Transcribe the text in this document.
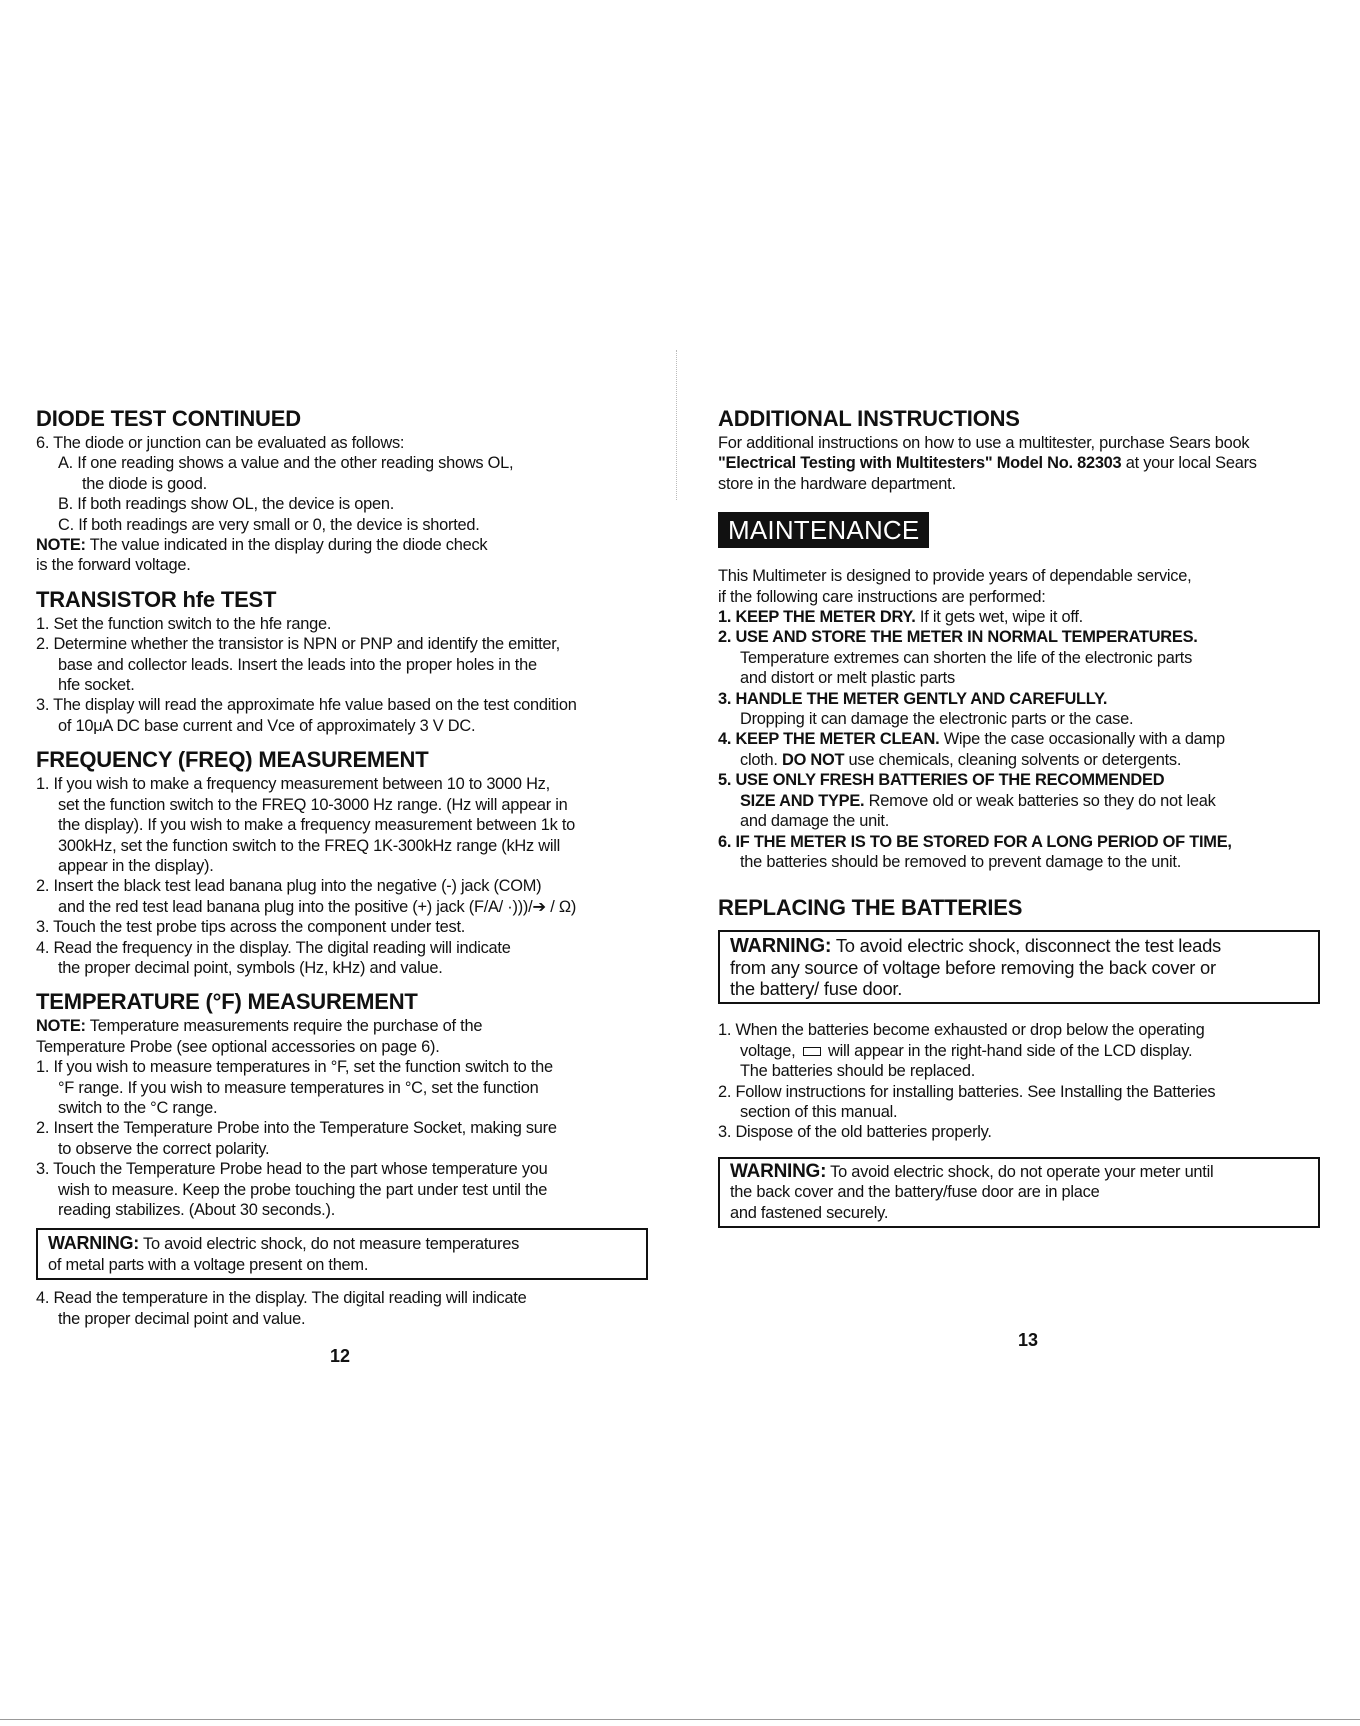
DIODE TEST CONTINUED
6. The diode or junction can be evaluated as follows:
A. If one reading shows a value and the other reading shows OL,
the diode is good.
B. If both readings show OL, the device is open.
C. If both readings are very small or 0, the device is shorted.
NOTE: The value indicated in the display during the diode check
is the forward voltage.
TRANSISTOR hfe TEST
1. Set the function switch to the hfe range.
2. Determine whether the transistor is NPN or PNP and identify the emitter,
base and collector leads. Insert the leads into the proper holes in the
hfe socket.
3. The display will read the approximate hfe value based on the test condition
of 10μA DC base current and Vce of approximately 3 V DC.
FREQUENCY (FREQ) MEASUREMENT
1. If you wish to make a frequency measurement between 10 to 3000 Hz,
set the function switch to the FREQ 10-3000 Hz range. (Hz will appear in
the display). If you wish to make a frequency measurement between 1k to
300kHz, set the function switch to the FREQ 1K-300kHz range (kHz will
appear in the display).
2. Insert the black test lead banana plug into the negative (-) jack (COM)
and the red test lead banana plug into the positive (+) jack (F/A/ ·)))/➔ / Ω)
3. Touch the test probe tips across the component under test.
4. Read the frequency in the display. The digital reading will indicate
the proper decimal point, symbols (Hz, kHz) and value.
TEMPERATURE (°F) MEASUREMENT
NOTE: Temperature measurements require the purchase of the
Temperature Probe (see optional accessories on page 6).
1. If you wish to measure temperatures in °F, set the function switch to the
°F range. If you wish to measure temperatures in °C, set the function
switch to the °C range.
2. Insert the Temperature Probe into the Temperature Socket, making sure
to observe the correct polarity.
3. Touch the Temperature Probe head to the part whose temperature you
wish to measure. Keep the probe touching the part under test until the
reading stabilizes. (About 30 seconds.).
WARNING: To avoid electric shock, do not measure temperatures
of metal parts with a voltage present on them.
4. Read the temperature in the display. The digital reading will indicate
the proper decimal point and value.
12
ADDITIONAL INSTRUCTIONS
For additional instructions on how to use a multitester, purchase Sears book
"Electrical Testing with Multitesters" Model No. 82303 at your local Sears
store in the hardware department.
MAINTENANCE
This Multimeter is designed to provide years of dependable service,
if the following care instructions are performed:
1. KEEP THE METER DRY. If it gets wet, wipe it off.
2. USE AND STORE THE METER IN NORMAL TEMPERATURES.
Temperature extremes can shorten the life of the electronic parts
and distort or melt plastic parts
3. HANDLE THE METER GENTLY AND CAREFULLY.
Dropping it can damage the electronic parts or the case.
4. KEEP THE METER CLEAN. Wipe the case occasionally with a damp
cloth. DO NOT use chemicals, cleaning solvents or detergents.
5. USE ONLY FRESH BATTERIES OF THE RECOMMENDED
SIZE AND TYPE. Remove old or weak batteries so they do not leak
and damage the unit.
6. IF THE METER IS TO BE STORED FOR A LONG PERIOD OF TIME,
the batteries should be removed to prevent damage to the unit.
REPLACING THE BATTERIES
WARNING: To avoid electric shock, disconnect the test leads
from any source of voltage before removing the back cover or
the battery/ fuse door.
1. When the batteries become exhausted or drop below the operating
voltage,  will appear in the right-hand side of the LCD display.
The batteries should be replaced.
2. Follow instructions for installing batteries. See Installing the Batteries
section of this manual.
3. Dispose of the old batteries properly.
WARNING: To avoid electric shock, do not operate your meter until
the back cover and the battery/fuse door are in place
and fastened securely.
13
